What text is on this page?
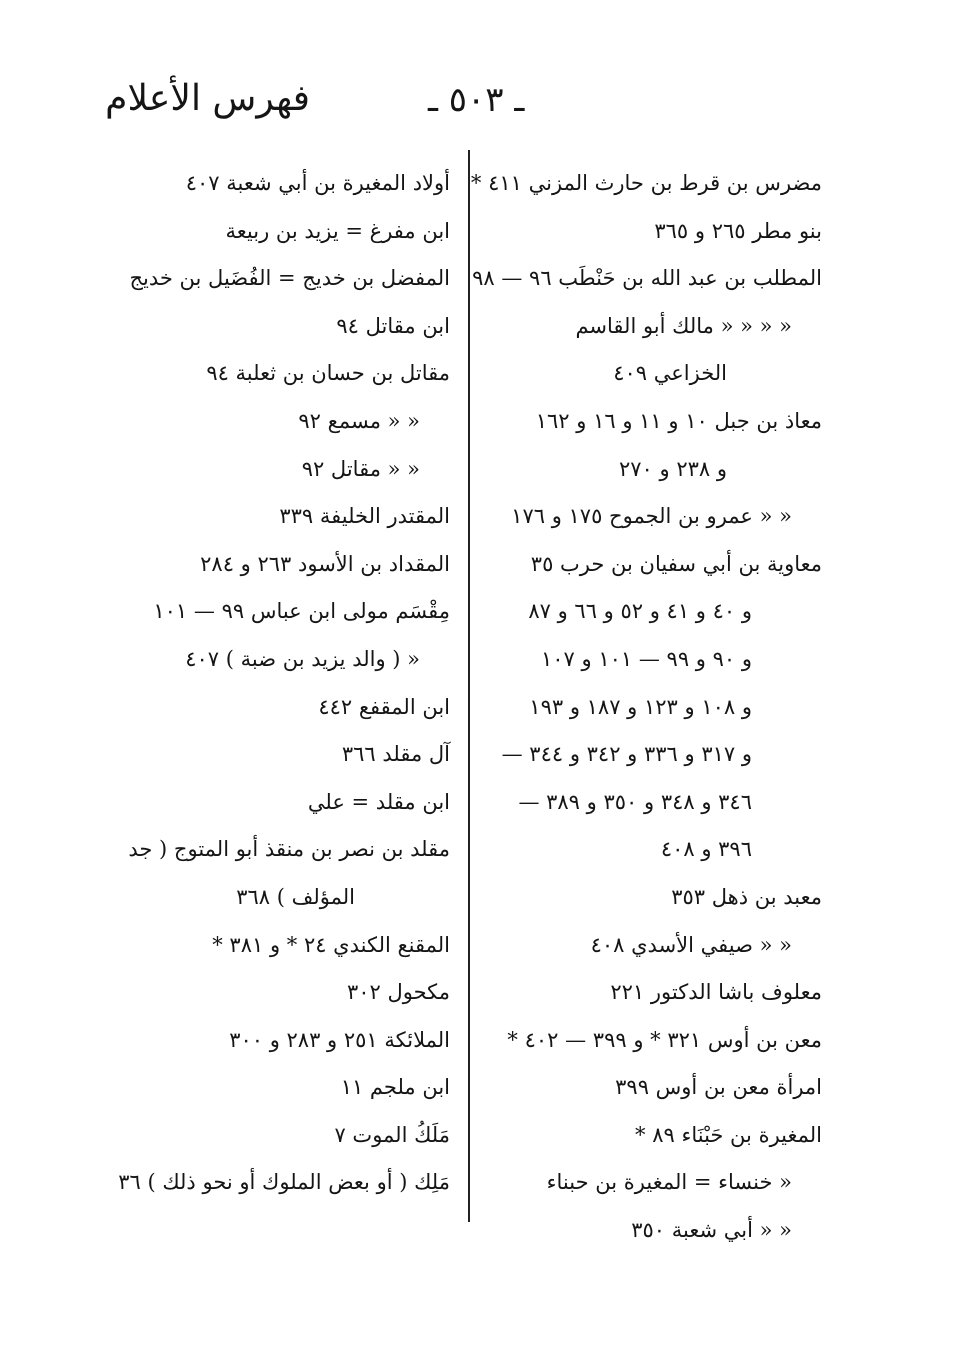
فهرس الأعلام	ـ ٥٠٣ ـ
مضرس بن قرط بن حارث المزني ٤١١ *
بنو مطر ٢٦٥ و ٣٦٥
المطلب بن عبد الله بن حَنْطَب ٩٦ — ٩٨
« « « « مالك أبو القاسم
الخزاعي ٤٠٩
معاذ بن جبل ١٠ و ١١ و ١٦ و ١٦٢
و ٢٣٨ و ٢٧٠
« « عمرو بن الجموح ١٧٥ و ١٧٦
معاوية بن أبي سفيان بن حرب ٣٥
و ٤٠ و ٤١ و ٥٢ و ٦٦ و ٨٧
و ٩٠ و ٩٩ — ١٠١ و ١٠٧
و ١٠٨ و ١٢٣ و ١٨٧ و ١٩٣
و ٣١٧ و ٣٣٦ و ٣٤٢ و ٣٤٤ —
٣٤٦ و ٣٤٨ و ٣٥٠ و ٣٨٩ —
٣٩٦ و ٤٠٨
معبد بن ذهل ٣٥٣
« « صيفي الأسدي ٤٠٨
معلوف باشا الدكتور ٢٢١
معن بن أوس ٣٢١ * و ٣٩٩ — ٤٠٢ *
امرأة معن بن أوس ٣٩٩
المغيرة بن حَبْنَاء ٨٩ *
« خنساء = المغيرة بن حبناء
« « أبي شعبة ٣٥٠
أولاد المغيرة بن أبي شعبة ٤٠٧
ابن مفرغ = يزيد بن ربيعة
المفضل بن خديج = الفُضَيل بن خديج
ابن مقاتل ٩٤
مقاتل بن حسان بن ثعلبة ٩٤
« « مسمع ٩٢
« « مقاتل ٩٢
المقتدر الخليفة ٣٣٩
المقداد بن الأسود ٢٦٣ و ٢٨٤
مِقْسَم مولى ابن عباس ٩٩ — ١٠١
« ( والد يزيد بن ضبة ) ٤٠٧
ابن المقفع ٤٤٢
آل مقلد ٣٦٦
ابن مقلد = علي
مقلد بن نصر بن منقذ أبو المتوج ( جد
المؤلف ) ٣٦٨
المقنع الكندي ٢٤ * و ٣٨١ *
مكحول ٣٠٢
الملائكة ٢٥١ و ٢٨٣ و ٣٠٠
ابن ملجم ١١
مَلَكُ الموت ٧
مَلِك ( أو بعض الملوك أو نحو ذلك ) ٣٦
